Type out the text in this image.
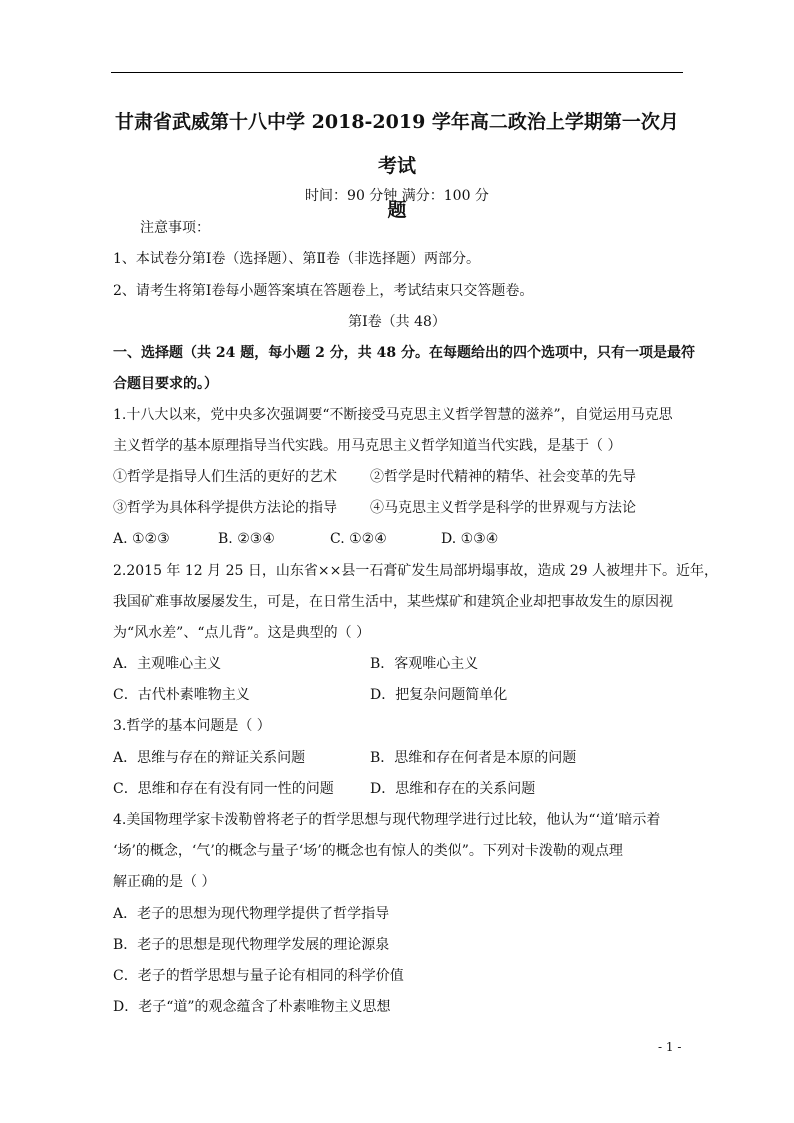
甘肃省武威第十八中学 2018-2019 学年高二政治上学期第一次月考试
题
时间：90 分钟 满分：100 分
注意事项：
1、本试卷分第Ⅰ卷（选择题）、第Ⅱ卷（非选择题）两部分。
2、请考生将第Ⅰ卷每小题答案填在答题卷上，考试结束只交答题卷。
第Ⅰ卷（共 48）
一、选择题（共 24 题，每小题 2 分，共 48 分。在每题给出的四个选项中，只有一项是最符
合题目要求的。）
1.十八大以来，党中央多次强调要“不断接受马克思主义哲学智慧的滋养”，自觉运用马克思
主义哲学的基本原理指导当代实践。用马克思主义哲学知道当代实践，是基于（ ）
①哲学是指导人们生活的更好的艺术 ②哲学是时代精神的精华、社会变革的先导
③哲学为具体科学提供方法论的指导 ④马克思主义哲学是科学的世界观与方法论
A. ①②③	B. ②③④	C. ①②④	D. ①③④
2.2015 年 12 月 25 日，山东省××县一石膏矿发生局部坍塌事故，造成 29 人被埋井下。近年，
我国矿难事故屡屡发生，可是，在日常生活中，某些煤矿和建筑企业却把事故发生的原因视
为“风水差”、“点儿背”。这是典型的（ ）
A．主观唯心主义	B．客观唯心主义
C．古代朴素唯物主义	D．把复杂问题简单化
3.哲学的基本问题是（ ）
A．思维与存在的辩证关系问题	B．思维和存在何者是本原的问题
C．思维和存在有没有同一性的问题	D．思维和存在的关系问题
4.美国物理学家卡泼勒曾将老子的哲学思想与现代物理学进行过比较，他认为“‘道’暗示着
‘场’的概念，‘气’的概念与量子‘场’的概念也有惊人的类似”。下列对卡泼勒的观点理
解正确的是（ ）
A．老子的思想为现代物理学提供了哲学指导
B．老子的思想是现代物理学发展的理论源泉
C．老子的哲学思想与量子论有相同的科学价值
D．老子“道”的观念蕴含了朴素唯物主义思想
- 1 -
